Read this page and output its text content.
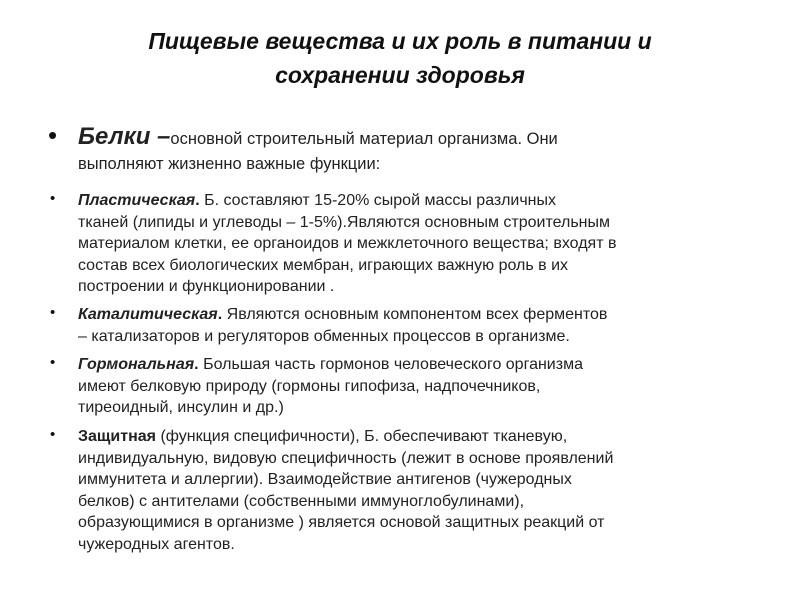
Пищевые вещества и их роль в питании и
сохранении здоровья
• Белки –основной строительный материал организма. Они
выполняют жизненно важные функции:
• Пластическая. Б. составляют 15-20% сырой массы различных
тканей (липиды и углеводы – 1-5%).Являются основным строительным
материалом клетки, ее органоидов и межклеточного вещества; входят в
состав всех биологических мембран, играющих важную роль в их
построении и функционировании .
• Каталитическая. Являются основным компонентом всех ферментов
– катализаторов и регуляторов обменных процессов в организме.
• Гормональная. Большая часть гормонов человеческого организма
имеют белковую природу (гормоны гипофиза, надпочечников,
тиреоидный, инсулин и др.)
• Защитная (функция специфичности), Б. обеспечивают тканевую,
индивидуальную, видовую специфичность (лежит в основе проявлений
иммунитета и аллергии). Взаимодействие антигенов (чужеродных
белков) с антителами (собственными иммуноглобулинами),
образующимися в организме ) является основой защитных реакций от
чужеродных агентов.
